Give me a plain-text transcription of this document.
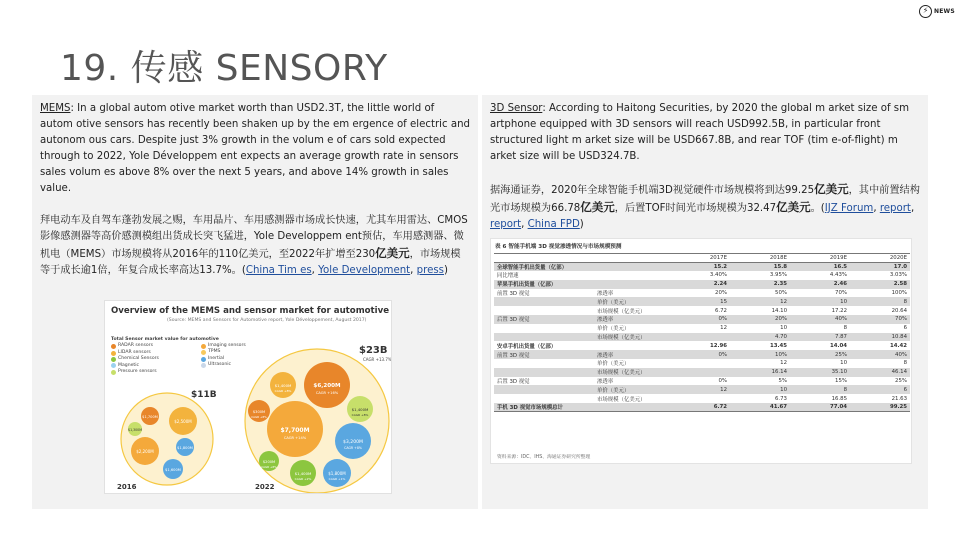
⚡ NEWS
19. 传感 SENSORY

MEMS: In a global autom otive market worth than USD2.3T, the little world of autom otive sensors has recently been shaken up by the em ergence of electric and autonom ous cars. Despite just 3% growth in the volum e of cars sold expected through to 2022, Yole Développem ent expects an average growth rate in sensors sales volum es above 8% over the next 5 years, and above 14% growth in sales value.

拜电动车及自驾车蓬勃发展之赐，车用晶片、车用感测器市场成长快速，尤其车用雷达、CMOS影像感测器等高价感测模组出货成长突飞猛进，Yole Developpem ent预估，车用感测器、微机电（MEMS）市场规模将从2016年的110亿美元，至2022年扩增至230亿美元，市场规模等于成长逾1倍，年复合成长率高达13.7%。(China Tim es, Yole Development, press)

Overview of the MEMS and sensor market for automotive
(Source: MEMS and Sensors for Automotive report, Yole Développement, August 2017)
Total Sensor market value for automotive
RADAR sensors
LIDAR sensors
Chemical Sensors
Magnetic
Pressure sensors
Imaging sensors
TPMS
Inertial
Ultrasonic
$11B
$2,500M
$2,200M
$1,700M
$1,800M
$1,600M
$1,300M
2016
$23B
CAGR +13.7%
$7,700M
CAGR +14%
$6,200M
CAGR +16%
$3,200M
CAGR +8%
$1,800M
CAGR +1%
$1,400M
CAGR +8%
$1,400M
CAGR +8%
$1,400M
CAGR +2%
$300M
CAGR +8%
$200M
CAGR +8%
2022

3D Sensor: According to Haitong Securities, by 2020 the global m arket size of sm artphone equipped with 3D sensors will reach USD992.5B, in particular front structured light m arket size will be USD667.8B, and rear TOF (tim e-of-flight) m arket size will be USD324.7B.

据海通证券，2020年全球智能手机端3D视觉硬件市场规模将到达99.25亿美元，其中前置结构光市场规模为66.78亿美元，后置TOF时间光市场规模为32.47亿美元。(IJZ Forum, report, report, China FPD)

表 6 智能手机端 3D 视觉渗透情况与市场规模预测
		2017E	2018E	2019E	2020E
全球智能手机出货量（亿部）		15.2	15.8	16.5	17.0
同比增速		3.40%	3.95%	4.43%	3.03%
苹果手机出货量（亿部）		2.24	2.35	2.46	2.58
前置 3D 视觉	渗透率	20%	50%	70%	100%
	单价（美元）	15	12	10	8
	市场规模（亿美元）	6.72	14.10	17.22	20.64
后置 3D 视觉	渗透率	0%	20%	40%	70%
	单价（美元）	12	10	8	6
	市场规模（亿美元）		4.70	7.87	10.84
安卓手机出货量（亿部）		12.96	13.45	14.04	14.42
前置 3D 视觉	渗透率	0%	10%	25%	40%
	单价（美元）		12	10	8
	市场规模（亿美元）		16.14	35.10	46.14
后置 3D 视觉	渗透率	0%	5%	15%	25%
	单价（美元）	12	10	8	6
	市场规模（亿美元）		6.73	16.85	21.63
手机 3D 视觉市场规模总计		6.72	41.67	77.04	99.25
资料来源：IDC、IHS、海通证券研究所整理
